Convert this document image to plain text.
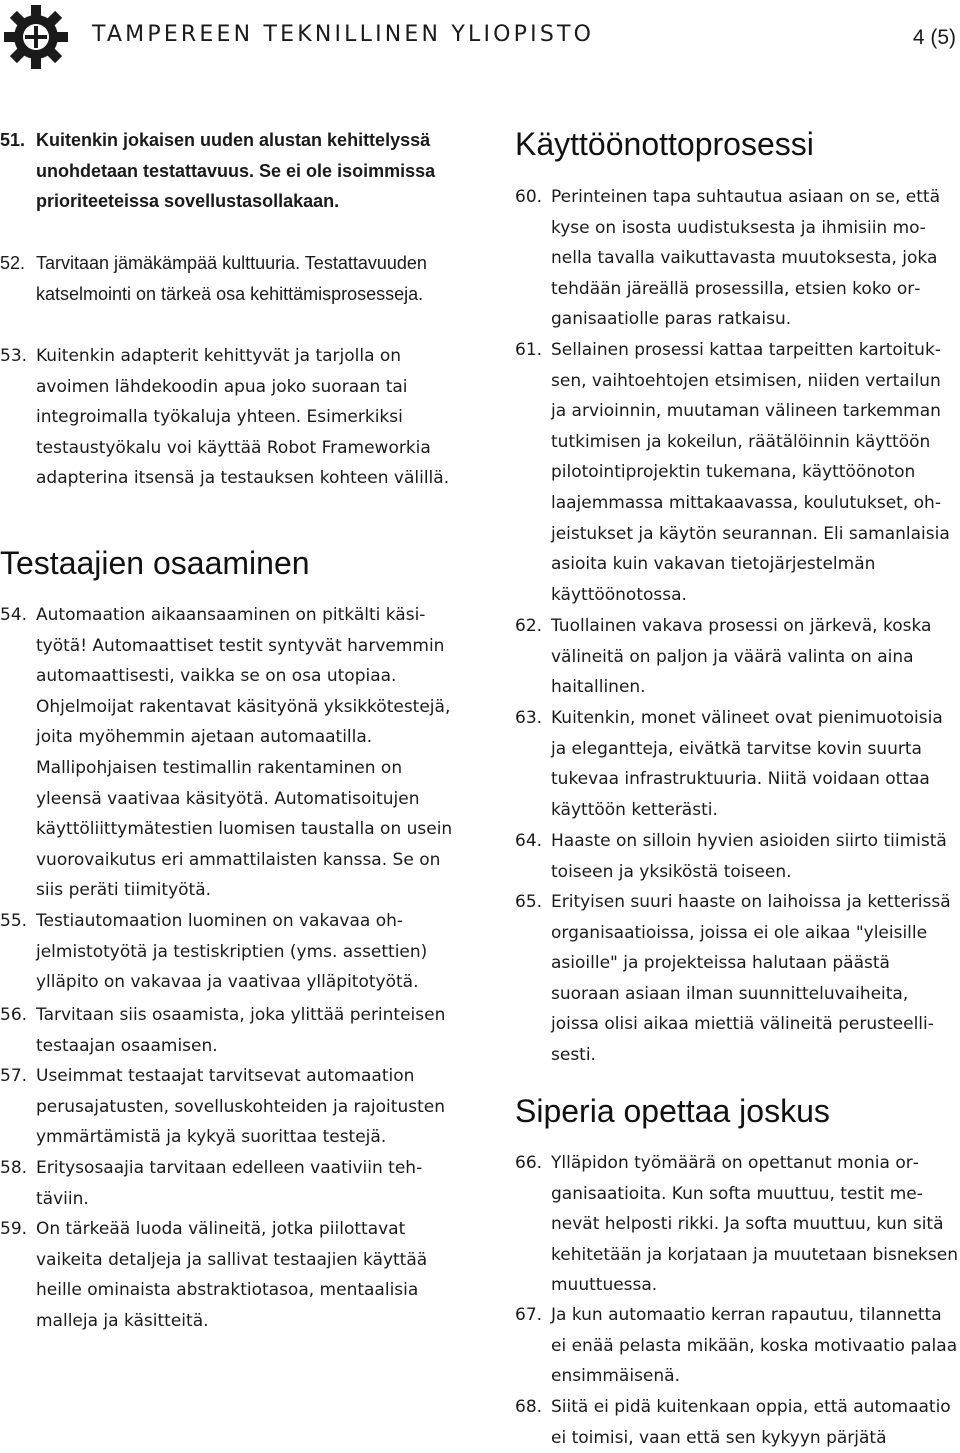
TAMPEREEN TEKNILLINEN YLIOPISTO	4 (5)
51. Kuitenkin jokaisen uuden alustan kehittelyssä unohdetaan testattavuus. Se ei ole isoimmissa prioriteeteissa sovellustasollakaan.
52. Tarvitaan jämäkämpää kulttuuria. Testattavuuden katselmointi on tärkeä osa kehittämisprosesseja.
53. Kuitenkin adapterit kehittyvät ja tarjolla on avoimen lähdekoodin apua joko suoraan tai integroimalla työkaluja yhteen. Esimerkiksi testaustyökalu voi käyttää Robot Frameworkia adapterina itsensä ja testauksen kohteen välillä.
Testaajien osaaminen
54. Automaation aikaansaaminen on pitkälti käsityötä! Automaattiset testit syntyvät harvemmin automaattisesti, vaikka se on osa utopiaa. Ohjelmoijat rakentavat käsityönä yksikkötestejä, joita myöhemmin ajetaan automaatilla. Mallipohjaisen testimallin rakentaminen on yleensä vaativaa käsityötä. Automatisoitujen käyttöliittymätestien luomisen taustalla on usein vuorovaikutus eri ammattilaisten kanssa. Se on siis peräti tiimityötä.
55. Testiautomaation luominen on vakavaa ohjelmistotyötä ja testiskriptien (yms. assettien) ylläpito on vakavaa ja vaativaa ylläpitotyötä.
56. Tarvitaan siis osaamista, joka ylittää perinteisen testaajan osaamisen.
57. Useimmat testaajat tarvitsevat automaation perusajatusten, sovelluskohteiden ja rajoitusten ymmärtämistä ja kykyä suorittaa testejä.
58. Eritysosaajia tarvitaan edelleen vaativiin tehtäviin.
59. On tärkeää luoda välineitä, jotka piilottavat vaikeita detaljeja ja sallivat testaajien käyttää heille ominaista abstraktiotasoa, mentaalisia malleja ja käsitteitä.
Käyttöönottoprosessi
60. Perinteinen tapa suhtautua asiaan on se, että kyse on isosta uudistuksesta ja ihmisiin monella tavalla vaikuttavasta muutoksesta, joka tehdään järeällä prosessilla, etsien koko organisaatiolle paras ratkaisu.
61. Sellainen prosessi kattaa tarpeitten kartoituksen, vaihtoehtojen etsimisen, niiden vertailun ja arvioinnin, muutaman välineen tarkemman tutkimisen ja kokeilun, räätälöinnin käyttöön pilotointiprojektin tukemana, käyttöönoton laajemmassa mittakaavassa, koulutukset, ohjeistukset ja käytön seurannan. Eli samanlaisia asioita kuin vakavan tietojärjestelmän käyttöönotossa.
62. Tuollainen vakava prosessi on järkevä, koska välineitä on paljon ja väärä valinta on aina haitallinen.
63. Kuitenkin, monet välineet ovat pienimuotoisia ja elegantteja, eivätkä tarvitse kovin suurta tukevaa infrastruktuuria. Niitä voidaan ottaa käyttöön ketterästi.
64. Haaste on silloin hyvien asioiden siirto tiimistä toiseen ja yksiköstä toiseen.
65. Erityisen suuri haaste on laihoissa ja ketterissä organisaatioissa, joissa ei ole aikaa "yleisille asioille" ja projekteissa halutaan päästä suoraan asiaan ilman suunnitteluvaiheita, joissa olisi aikaa miettiä välineitä perusteellisesti.
Siperia opettaa joskus
66. Ylläpidon työmäärä on opettanut monia organisaatioita. Kun softa muuttuu, testit menevät helposti rikki. Ja softa muuttuu, kun sitä kehitetään ja korjataan ja muutetaan bisneksen muuttuessa.
67. Ja kun automaatio kerran rapautuu, tilannetta ei enää pelasta mikään, koska motivaatio palaa ensimmäisenä.
68. Siitä ei pidä kuitenkaan oppia, että automaatio ei toimisi, vaan että sen kykyyn pärjätä
